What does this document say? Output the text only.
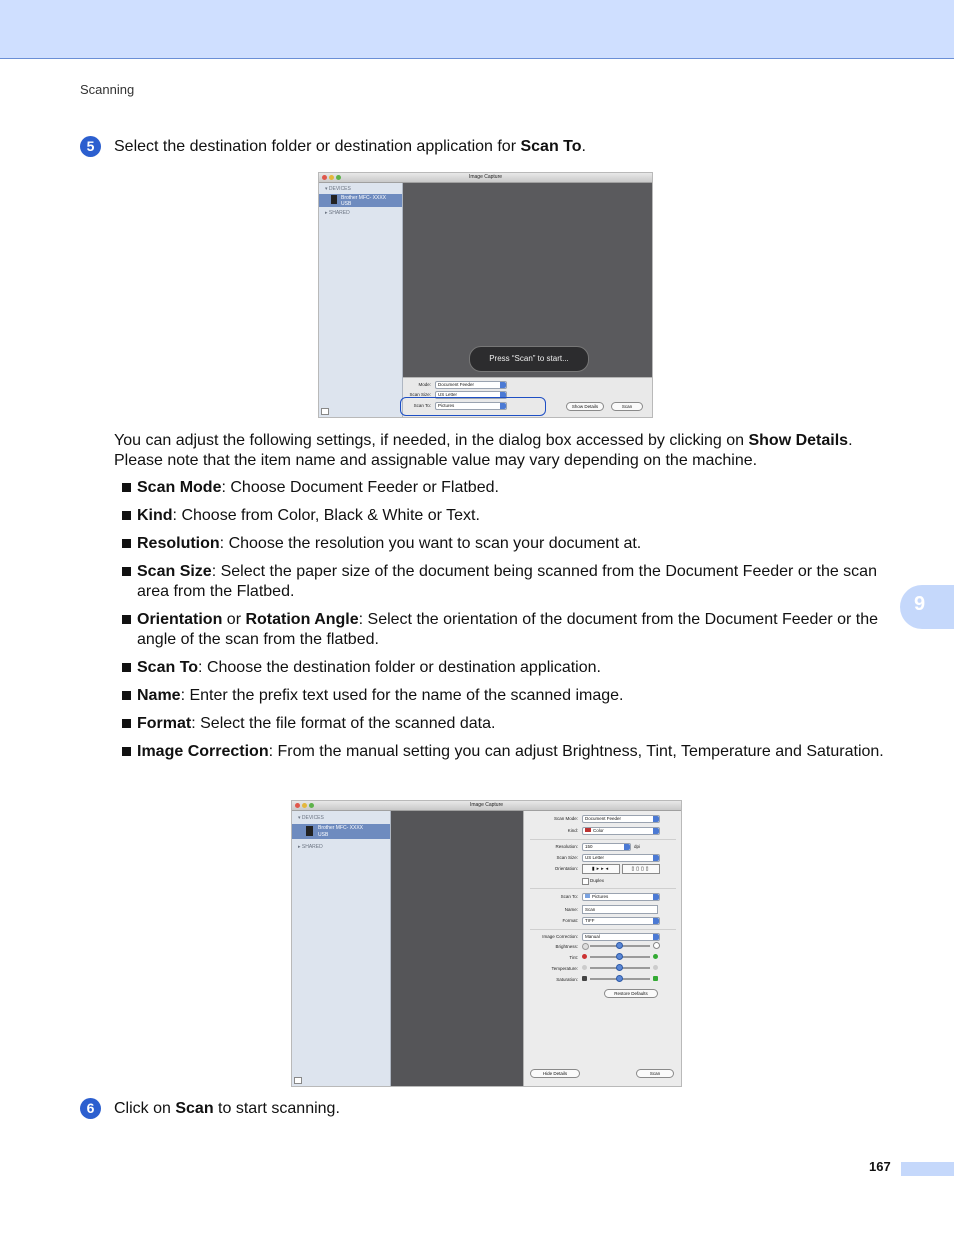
Scanning
9
5	Select the destination folder or destination application for Scan To.
Image Capture
▾ DEVICES
Brother MFC- XXXX
USB
▸ SHARED
Press “Scan” to start...
Mode:	Document Feeder
Scan Size:	US Letter
Scan To:	Pictures	Show Details	Scan
You can adjust the following settings, if needed, in the dialog box accessed by clicking on Show Details. Please note that the item name and assignable value may vary depending on the machine.
Scan Mode: Choose Document Feeder or Flatbed.
Kind: Choose from Color, Black & White or Text.
Resolution: Choose the resolution you want to scan your document at.
Scan Size: Select the paper size of the document being scanned from the Document Feeder or the scan area from the Flatbed.
Orientation or Rotation Angle: Select the orientation of the document from the Document Feeder or the angle of the scan from the flatbed.
Scan To: Choose the destination folder or destination application.
Name: Enter the prefix text used for the name of the scanned image.
Format: Select the file format of the scanned data.
Image Correction: From the manual setting you can adjust Brightness, Tint, Temperature and Saturation.
Image Capture
▾ DEVICES
Brother MFC- XXXX
USB
▸ SHARED
Scan Mode:	Document Feeder
Kind:	Color
Resolution:	150	dpi
Scan Size:	US Letter
Orientation:	▮▸▸◂	▯▯▯▯
Duplex
Scan To:	Pictures
Name:	Scan
Format:	TIFF
Image Correction:	Manual
Brightness:
Tint:
Temperature:
Saturation:
Restore Defaults
Hide Details	Scan
6	Click on Scan to start scanning.
167
